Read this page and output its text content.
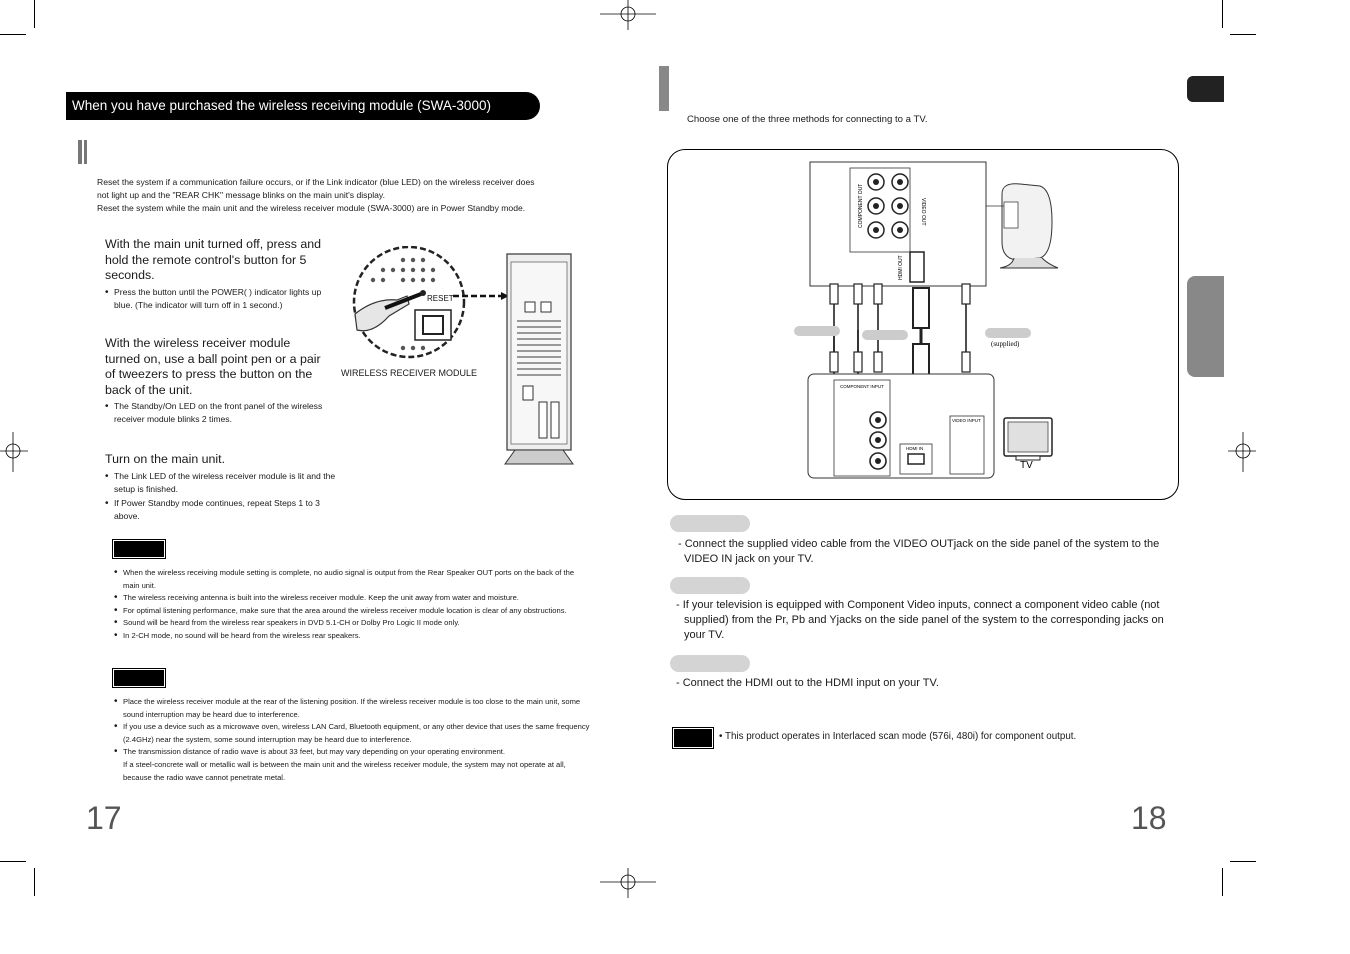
When you have purchased the wireless receiving module (SWA-3000)
Reset the system if a communication failure occurs, or if the Link indicator (blue LED) on the wireless receiver does
not light up and the "REAR CHK" message blinks on the main unit's display.
Reset the system while the main unit and the wireless receiver module (SWA-3000) are in Power Standby mode.
With the main unit turned off, press and hold the remote control's button for 5 seconds.
• Press the button until the POWER( ) indicator lights up blue. (The indicator will turn off in 1 second.)
With the wireless receiver module turned on, use a ball point pen or a pair of tweezers to press the button on the back of the unit.
• The Standby/On LED on the front panel of the wireless receiver module blinks 2 times.
Turn on the main unit.
• The Link LED of the wireless receiver module is lit and the setup is finished.
• If Power Standby mode continues, repeat Steps 1 to 3 above.
RESET
WIRELESS RECEIVER MODULE
• When the wireless receiving module setting is complete, no audio signal is output from the Rear Speaker OUT ports on the back of the main unit.
• The wireless receiving antenna is built into the wireless receiver module. Keep the unit away from water and moisture.
• For optimal listening performance, make sure that the area around the wireless receiver module location is clear of any obstructions.
• Sound will be heard from the wireless rear speakers in DVD 5.1-CH or Dolby Pro Logic II mode only.
• In 2-CH mode, no sound will be heard from the wireless rear speakers.
• Place the wireless receiver module at the rear of the listening position. If the wireless receiver module is too close to the main unit, some sound interruption may be heard due to interference.
• If you use a device such as a microwave oven, wireless LAN Card, Bluetooth equipment, or any other device that uses the same frequency (2.4GHz) near the system, some sound interruption may be heard due to interference.
• The transmission distance of radio wave is about 33 feet, but may vary depending on your operating environment.
If a steel-concrete wall or metallic wall is between the main unit and the wireless receiver module, the system may not operate at all, because the radio wave cannot penetrate metal.
17
Choose one of the three methods for connecting to a TV.
COMPONENT OUT	VIDEO OUT
HDMI OUT
(supplied)
COMPONENT INPUT
HDMI IN
VIDEO INPUT
TV
- Connect the supplied video cable from the VIDEO OUTjack on the side panel of the system to the VIDEO IN jack on your TV.
- If your television is equipped with Component Video inputs, connect a component video cable (not supplied) from the Pr, Pb and Yjacks on the side panel of the system to the corresponding jacks on your TV.
- Connect the HDMI out to the HDMI input on your TV.
• This product operates in Interlaced scan mode (576i, 480i) for component output.
18
